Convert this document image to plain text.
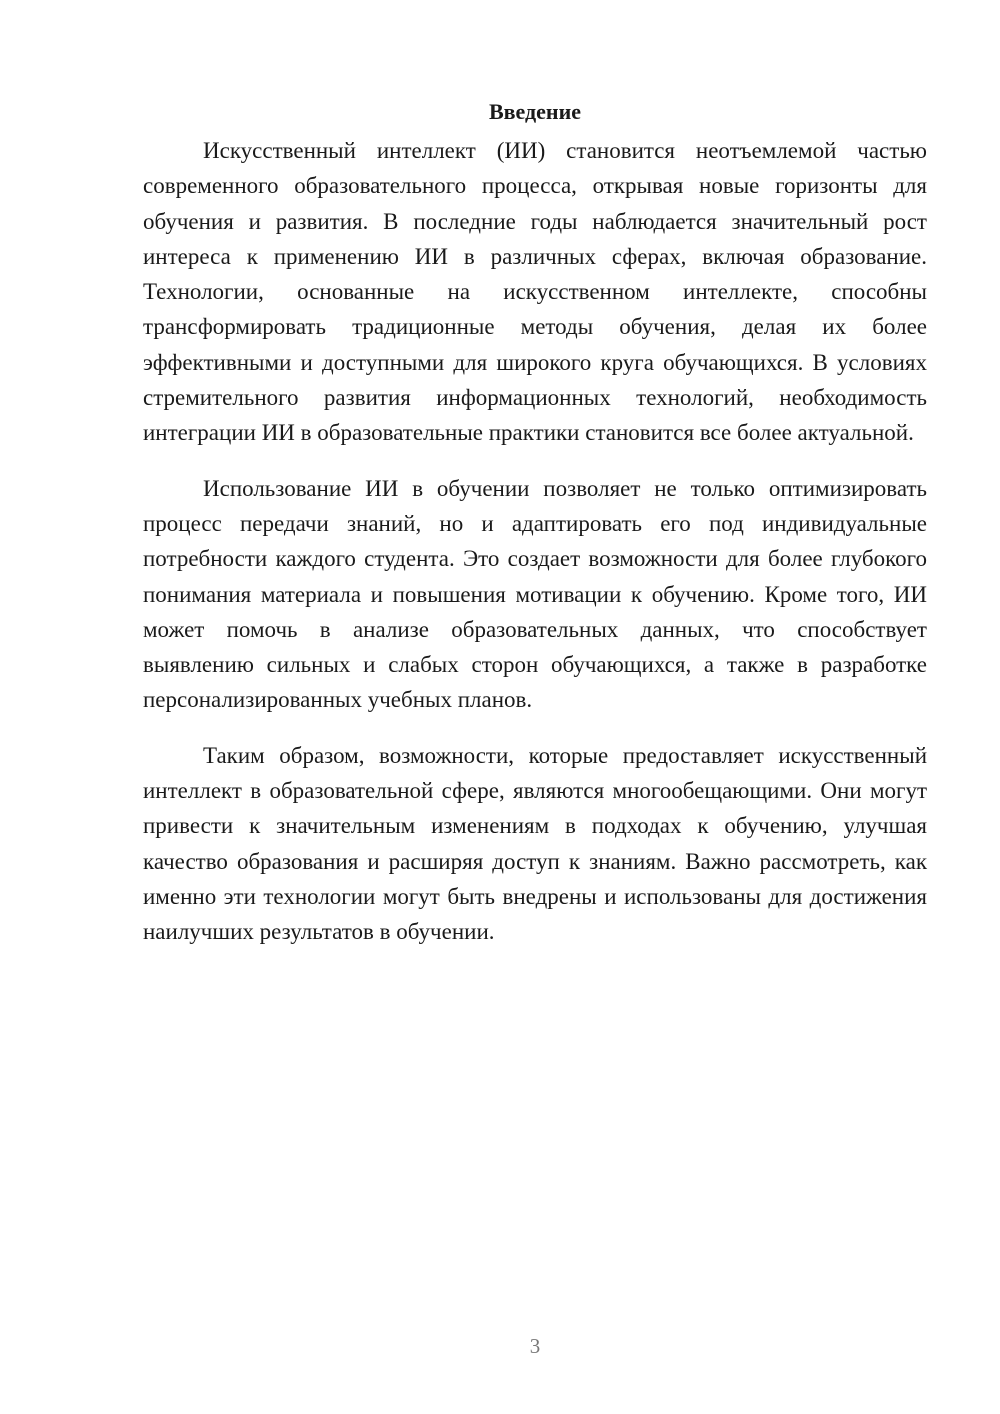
Введение

Искусственный интеллект (ИИ) становится неотъемлемой частью современного образовательного процесса, открывая новые горизонты для обучения и развития. В последние годы наблюдается значительный рост интереса к применению ИИ в различных сферах, включая образование. Технологии, основанные на искусственном интеллекте, способны трансформировать традиционные методы обучения, делая их более эффективными и доступными для широкого круга обучающихся. В условиях стремительного развития информационных технологий, необходимость интеграции ИИ в образовательные практики становится все более актуальной.

Использование ИИ в обучении позволяет не только оптимизировать процесс передачи знаний, но и адаптировать его под индивидуальные потребности каждого студента. Это создает возможности для более глубокого понимания материала и повышения мотивации к обучению. Кроме того, ИИ может помочь в анализе образовательных данных, что способствует выявлению сильных и слабых сторон обучающихся, а также в разработке персонализированных учебных планов.

Таким образом, возможности, которые предоставляет искусственный интеллект в образовательной сфере, являются многообещающими. Они могут привести к значительным изменениям в подходах к обучению, улучшая качество образования и расширяя доступ к знаниям. Важно рассмотреть, как именно эти технологии могут быть внедрены и использованы для достижения наилучших результатов в обучении.

3
